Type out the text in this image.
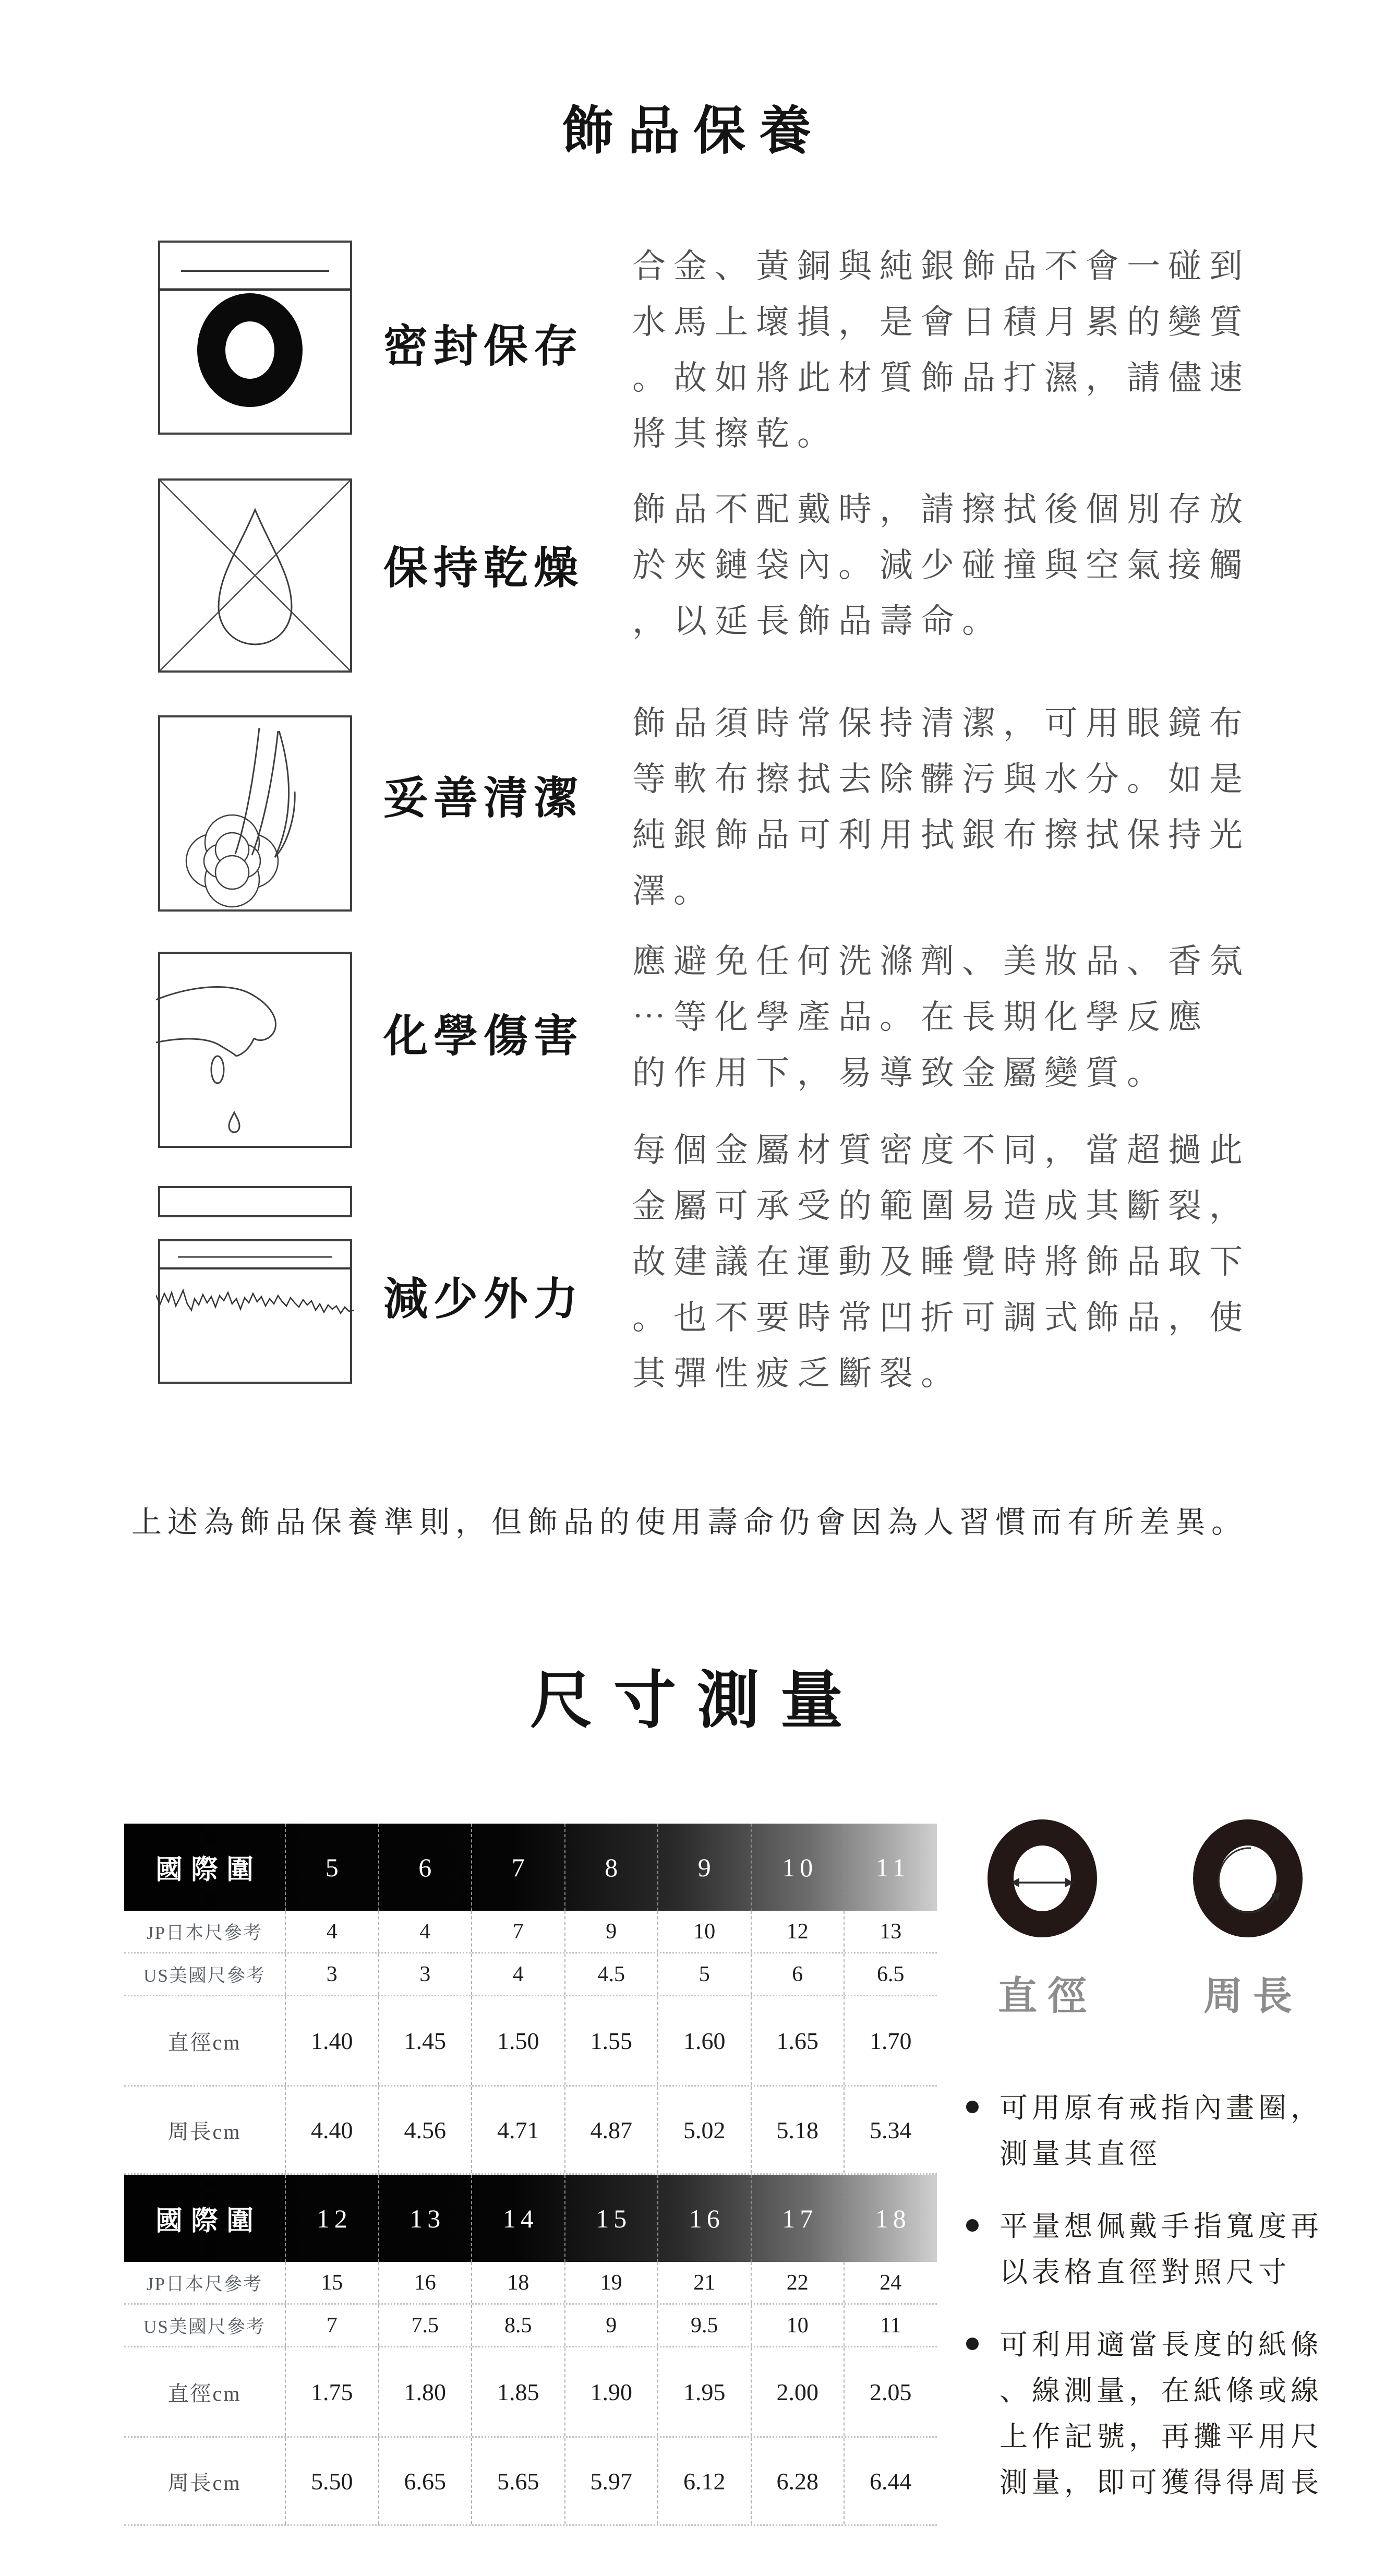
飾品保養
密封保存
合金、黃銅與純銀飾品不會一碰到
水馬上壞損，是會日積月累的變質
。故如將此材質飾品打濕，請儘速
將其擦乾。
保持乾燥
飾品不配戴時，請擦拭後個別存放
於夾鏈袋內。減少碰撞與空氣接觸
，以延長飾品壽命。
妥善清潔
飾品須時常保持清潔，可用眼鏡布
等軟布擦拭去除髒污與水分。如是
純銀飾品可利用拭銀布擦拭保持光
澤。
化學傷害
應避免任何洗滌劑、美妝品、香氛
⋯等化學產品。在長期化學反應
的作用下，易導致金屬變質。
減少外力
每個金屬材質密度不同，當超撾此
金屬可承受的範圍易造成其斷裂，
故建議在運動及睡覺時將飾品取下
。也不要時常凹折可調式飾品，使
其彈性疲乏斷裂。
上述為飾品保養準則，但飾品的使用壽命仍會因為人習慣而有所差異。
尺寸測量
國際圍	5	6	7	8	9	10	11
JP日本尺參考	4	4	7	9	10	12	13
US美國尺參考	3	3	4	4.5	5	6	6.5
直徑cm	1.40	1.45	1.50	1.55	1.60	1.65	1.70
周長cm	4.40	4.56	4.71	4.87	5.02	5.18	5.34
國際圍	12	13	14	15	16	17	18
JP日本尺參考	15	16	18	19	21	22	24
US美國尺參考	7	7.5	8.5	9	9.5	10	11
直徑cm	1.75	1.80	1.85	1.90	1.95	2.00	2.05
周長cm	5.50	6.65	5.65	5.97	6.12	6.28	6.44
直徑	周長
可用原有戒指內畫圈，
測量其直徑
平量想佩戴手指寬度再
以表格直徑對照尺寸
可利用適當長度的紙條
、線測量，在紙條或線
上作記號，再攤平用尺
測量，即可獲得得周長
